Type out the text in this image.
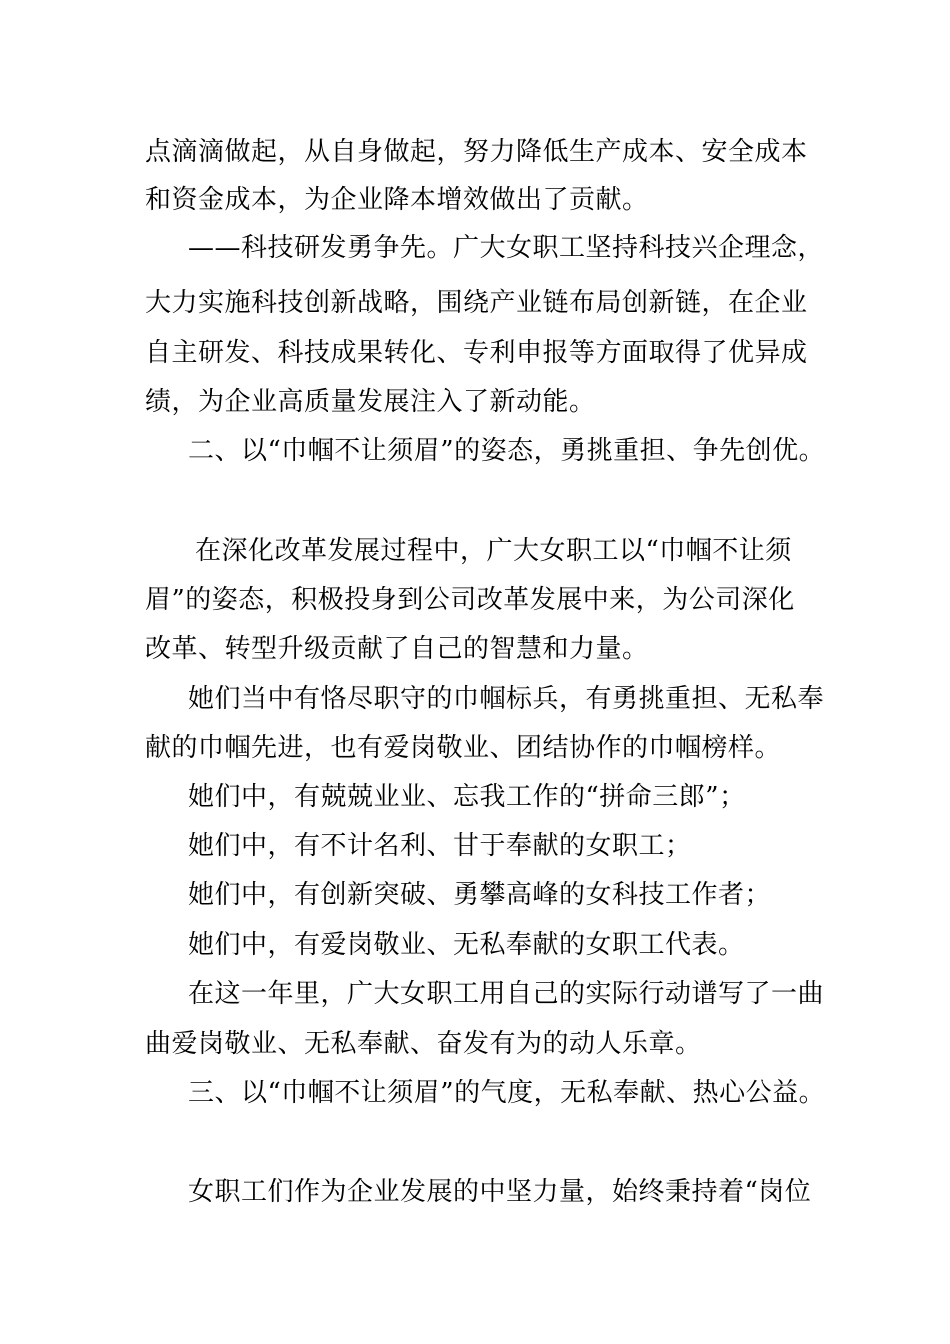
点滴滴做起，从自身做起，努力降低生产成本、安全成本
和资金成本，为企业降本增效做出了贡献。
——科技研发勇争先。广大女职工坚持科技兴企理念，
大力实施科技创新战略，围绕产业链布局创新链，在企业
自主研发、科技成果转化、专利申报等方面取得了优异成
绩，为企业高质量发展注入了新动能。
二、以“巾帼不让须眉”的姿态，勇挑重担、争先创优。
在深化改革发展过程中，广大女职工以“巾帼不让须
眉”的姿态，积极投身到公司改革发展中来，为公司深化
改革、转型升级贡献了自己的智慧和力量。
她们当中有恪尽职守的巾帼标兵，有勇挑重担、无私奉
献的巾帼先进，也有爱岗敬业、团结协作的巾帼榜样。
她们中，有兢兢业业、忘我工作的“拼命三郎”；
她们中，有不计名利、甘于奉献的女职工；
她们中，有创新突破、勇攀高峰的女科技工作者；
她们中，有爱岗敬业、无私奉献的女职工代表。
在这一年里，广大女职工用自己的实际行动谱写了一曲
曲爱岗敬业、无私奉献、奋发有为的动人乐章。
三、以“巾帼不让须眉”的气度，无私奉献、热心公益。
女职工们作为企业发展的中坚力量，始终秉持着“岗位
